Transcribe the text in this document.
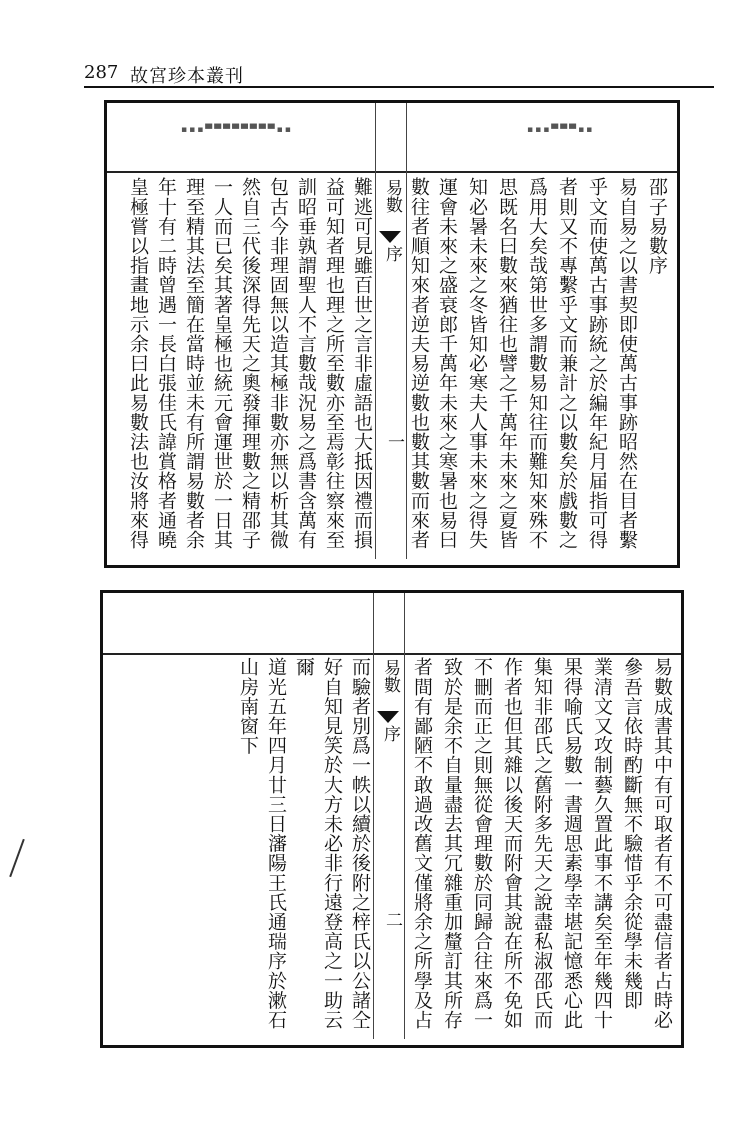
287 故宮珍本叢刊
▪▪▪▀▀▀▀▀▀▀▀▪▪	▪▪▪▀▀▀▪▪
易數
序
一
邵子易數序
易自易之以書契即使萬古事跡昭然在目者繫
乎文而使萬古事跡統之於編年紀月届指可得
者則又不專繫乎文而兼計之以數矣於戲數之
爲用大矣哉第世多謂數易知往而難知來殊不
思既名曰數來猶往也譬之千萬年未來之夏皆
知必暑未來之冬皆知必寒夫人事未來之得失
運會未來之盛衰郎千萬年未來之寒暑也易曰
數往者順知來者逆夫易逆數也數其數而來者
難逃可見雖百世之言非虛語也大抵因禮而損
益可知者理也理之所至數亦至焉彰往察來至
訓昭垂孰謂聖人不言數哉況易之爲書含萬有
包古今非理固無以造其極非數亦無以析其微
然自三代後深得先天之奧發揮理數之精邵子
一人而已矣其著皇極也統元會運世於一日其
理至精其法至簡在當時並未有所謂易數者余
年十有二時曾遇一長白張佳氏諱賞格者通曉
皇極嘗以指畫地示余曰此易數法也汝將來得
易數
序
二	易數成書其中有可取者有不可盡信者占時必
參吾言依時酌斷無不驗惜乎余從學未幾即
業清文又攻制藝久置此事不講矣至年幾四十
果得喻氏易數一書週思素學幸堪記憶悉心此
集知非邵氏之舊附多先天之說盡私淑邵氏而
作者也但其雜以後天而附會其說在所不免如
不刪而正之則無從會理數於同歸合往來爲一
致於是余不自量盡去其冗雜重加釐訂其所存
者間有鄙陋不敢過改舊文僅將余之所學及占
而驗者別爲一帙以續於後附之梓氏以公諸仝
好自知見笑於大方未必非行遠登高之一助云
爾
道光五年四月廿三日瀋陽王氏通瑞序於漱石
山房南窗下
